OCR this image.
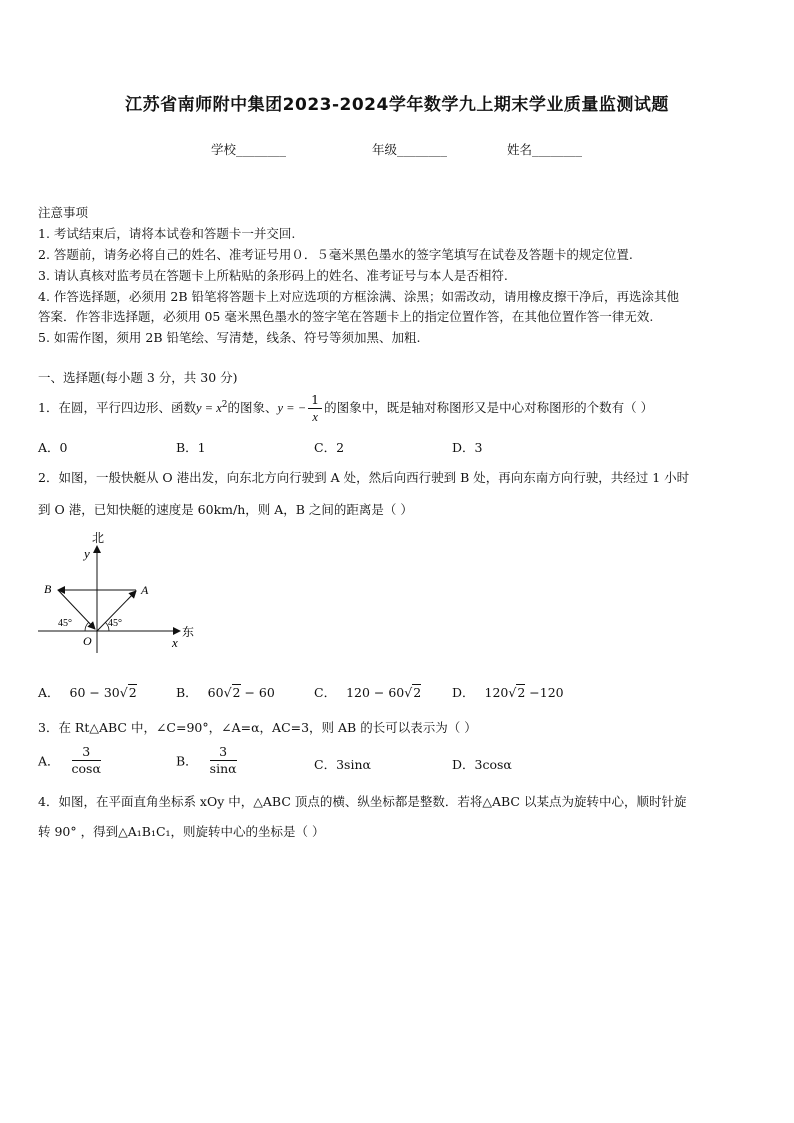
江苏省南师附中集团2023-2024学年数学九上期末学业质量监测试题
学校________	年级________	姓名________
注意事项
1. 考试结束后，请将本试卷和答题卡一并交回.
2. 答题前，请务必将自己的姓名、准考证号用０．５毫米黑色墨水的签字笔填写在试卷及答题卡的规定位置.
3. 请认真核对监考员在答题卡上所粘贴的条形码上的姓名、准考证号与本人是否相符.
4. 作答选择题，必须用 2B 铅笔将答题卡上对应选项的方框涂满、涂黑；如需改动，请用橡皮擦干净后，再选涂其他
答案．作答非选择题，必须用 05 毫米黑色墨水的签字笔在答题卡上的指定位置作答，在其他位置作答一律无效.
5. 如需作图，须用 2B 铅笔绘、写清楚，线条、符号等须加黑、加粗.
一、选择题(每小题 3 分，共 30 分)
1．在圆，平行四边形、函数$y = x^2$的图象、y = − $\frac{1}{x}$ 的图象中，既是轴对称图形又是中心对称图形的个数有（ ）
A．0	B．1	C．2	D．3
2．如图，一般快艇从 O 港出发，向东北方向行驶到 A 处，然后向西行驶到 B 处，再向东南方向行驶，共经过 1 小时
到 O 港，已知快艇的速度是 60km/h，则 A，B 之间的距离是（ ）
北
y
B	A
45°	45°
东
O	x
A． 60 − 30√2	B． 60√2 − 60	C． 120 − 60√2 D． 120√2 −120
3．在 Rt△ABC 中，∠C=90°，∠A=α，AC=3，则 AB 的长可以表示为（ ）
A． $\frac{3}{\cos\alpha}$	B． $\frac{3}{\sin\alpha}$	C．3sinα	D．3cosα
4．如图，在平面直角坐标系 xOy 中，△ABC 顶点的横、纵坐标都是整数．若将△ABC 以某点为旋转中心，顺时针旋
转 90° ，得到△A₁B₁C₁，则旋转中心的坐标是（ ）
